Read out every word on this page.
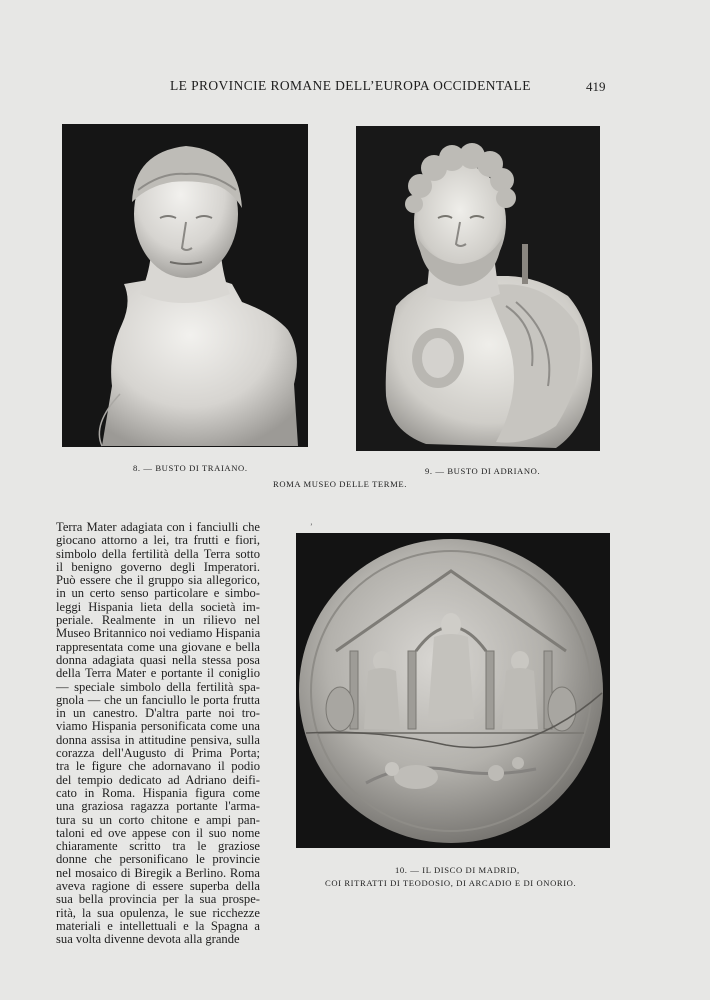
LE PROVINCIE ROMANE DELL’EUROPA OCCIDENTALE	419
8. — BUSTO DI TRAIANO.	9. — BUSTO DI ADRIANO.
ROMA MUSEO DELLE TERME.
Terra Mater adagiata con i fanciulli che
giocano attorno a lei, tra frutti e fiori,
simbolo della fertilità della Terra sotto
il benigno governo degli Imperatori.
Può essere che il gruppo sia allegorico,
in un certo senso particolare e simbo-
leggi Hispania lieta della società im-
periale. Realmente in un rilievo nel
Museo Britannico noi vediamo Hispania
rappresentata come una giovane e bella
donna adagiata quasi nella stessa posa
della Terra Mater e portante il coniglio
— speciale simbolo della fertilità spa-
gnola — che un fanciullo le porta frutta
in un canestro. D'altra parte noi tro-
viamo Hispania personificata come una
donna assisa in attitudine pensiva, sulla
corazza dell'Augusto di Prima Porta;
tra le figure che adornavano il podio
del tempio dedicato ad Adriano deifi-
cato in Roma. Hispania figura come
una graziosa ragazza portante l'arma-
tura su un corto chitone e ampi pan-
taloni ed ove appese con il suo nome
chiaramente scritto tra le graziose
donne che personificano le provincie
nel mosaico di Biregik a Berlino. Roma
aveva ragione di essere superba della
sua bella provincia per la sua prospe-
rità, la sua opulenza, le sue ricchezze
materiali e intellettuali e la Spagna a
sua volta divenne devota alla grande
’
10. — IL DISCO DI MADRID,
COI RITRATTI DI TEODOSIO, DI ARCADIO E DI ONORIO.
